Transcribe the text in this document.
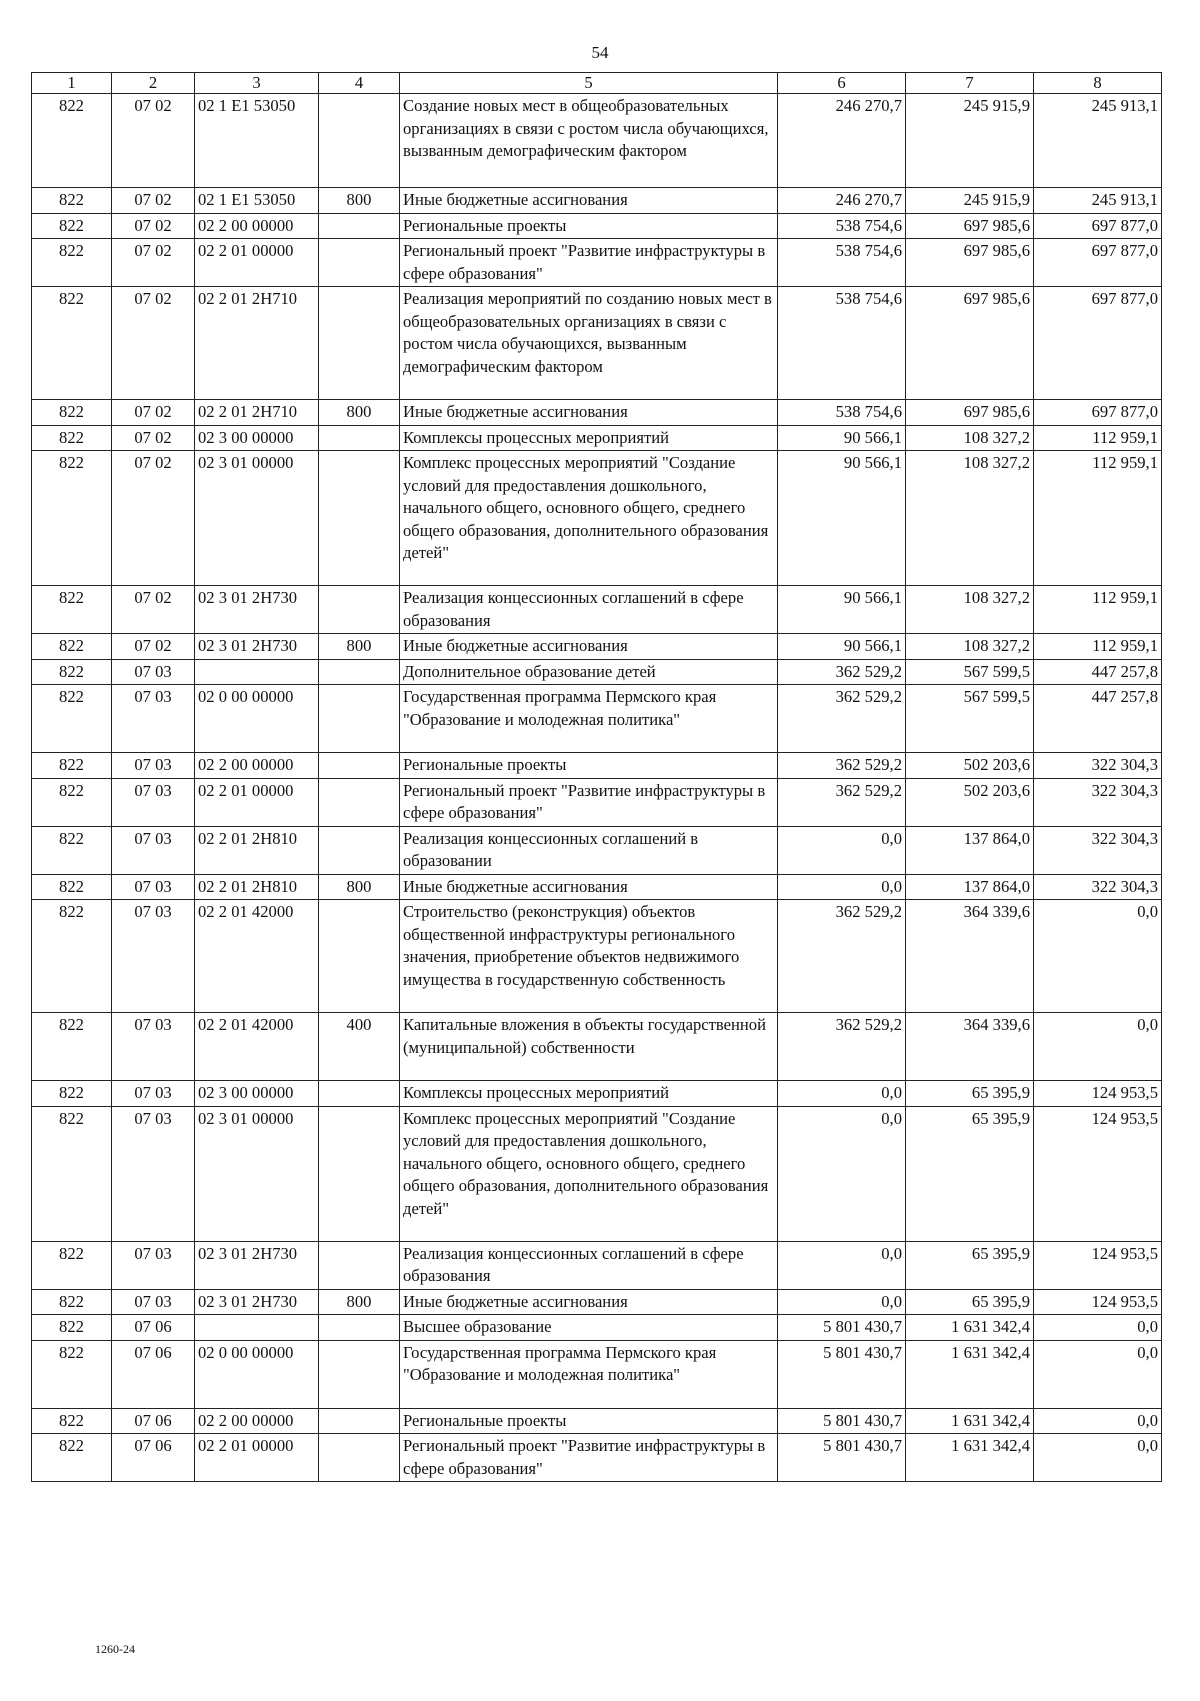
54
1	2	3	4	5	6	7	8
822	07 02	02 1 E1 53050		Создание новых мест в общеобразовательных организациях в связи с ростом числа обучающихся, вызванным демографическим фактором	246 270,7	245 915,9	245 913,1
822	07 02	02 1 E1 53050	800	Иные бюджетные ассигнования	246 270,7	245 915,9	245 913,1
822	07 02	02 2 00 00000		Региональные проекты	538 754,6	697 985,6	697 877,0
822	07 02	02 2 01 00000		Региональный проект "Развитие инфраструктуры в сфере образования"	538 754,6	697 985,6	697 877,0
822	07 02	02 2 01 2Н710		Реализация мероприятий по созданию новых мест в общеобразовательных организациях в связи с ростом числа обучающихся, вызванным демографическим фактором	538 754,6	697 985,6	697 877,0
822	07 02	02 2 01 2Н710	800	Иные бюджетные ассигнования	538 754,6	697 985,6	697 877,0
822	07 02	02 3 00 00000		Комплексы процессных мероприятий	90 566,1	108 327,2	112 959,1
822	07 02	02 3 01 00000		Комплекс процессных мероприятий "Создание условий для предоставления дошкольного, начального общего, основного общего, среднего общего образования, дополнительного образования детей"	90 566,1	108 327,2	112 959,1
822	07 02	02 3 01 2Н730		Реализация концессионных соглашений в сфере образования	90 566,1	108 327,2	112 959,1
822	07 02	02 3 01 2Н730	800	Иные бюджетные ассигнования	90 566,1	108 327,2	112 959,1
822	07 03			Дополнительное образование детей	362 529,2	567 599,5	447 257,8
822	07 03	02 0 00 00000		Государственная программа Пермского края "Образование и молодежная политика"	362 529,2	567 599,5	447 257,8
822	07 03	02 2 00 00000		Региональные проекты	362 529,2	502 203,6	322 304,3
822	07 03	02 2 01 00000		Региональный проект "Развитие инфраструктуры в сфере образования"	362 529,2	502 203,6	322 304,3
822	07 03	02 2 01 2Н810		Реализация концессионных соглашений в образовании	0,0	137 864,0	322 304,3
822	07 03	02 2 01 2Н810	800	Иные бюджетные ассигнования	0,0	137 864,0	322 304,3
822	07 03	02 2 01 42000		Строительство (реконструкция) объектов общественной инфраструктуры регионального значения, приобретение объектов недвижимого имущества в государственную собственность	362 529,2	364 339,6	0,0
822	07 03	02 2 01 42000	400	Капитальные вложения в объекты государственной (муниципальной) собственности	362 529,2	364 339,6	0,0
822	07 03	02 3 00 00000		Комплексы процессных мероприятий	0,0	65 395,9	124 953,5
822	07 03	02 3 01 00000		Комплекс процессных мероприятий "Создание условий для предоставления дошкольного, начального общего, основного общего, среднего общего образования, дополнительного образования детей"	0,0	65 395,9	124 953,5
822	07 03	02 3 01 2Н730		Реализация концессионных соглашений в сфере образования	0,0	65 395,9	124 953,5
822	07 03	02 3 01 2Н730	800	Иные бюджетные ассигнования	0,0	65 395,9	124 953,5
822	07 06			Высшее образование	5 801 430,7	1 631 342,4	0,0
822	07 06	02 0 00 00000		Государственная программа Пермского края "Образование и молодежная политика"	5 801 430,7	1 631 342,4	0,0
822	07 06	02 2 00 00000		Региональные проекты	5 801 430,7	1 631 342,4	0,0
822	07 06	02 2 01 00000		Региональный проект "Развитие инфраструктуры в сфере образования"	5 801 430,7	1 631 342,4	0,0
1260-24
